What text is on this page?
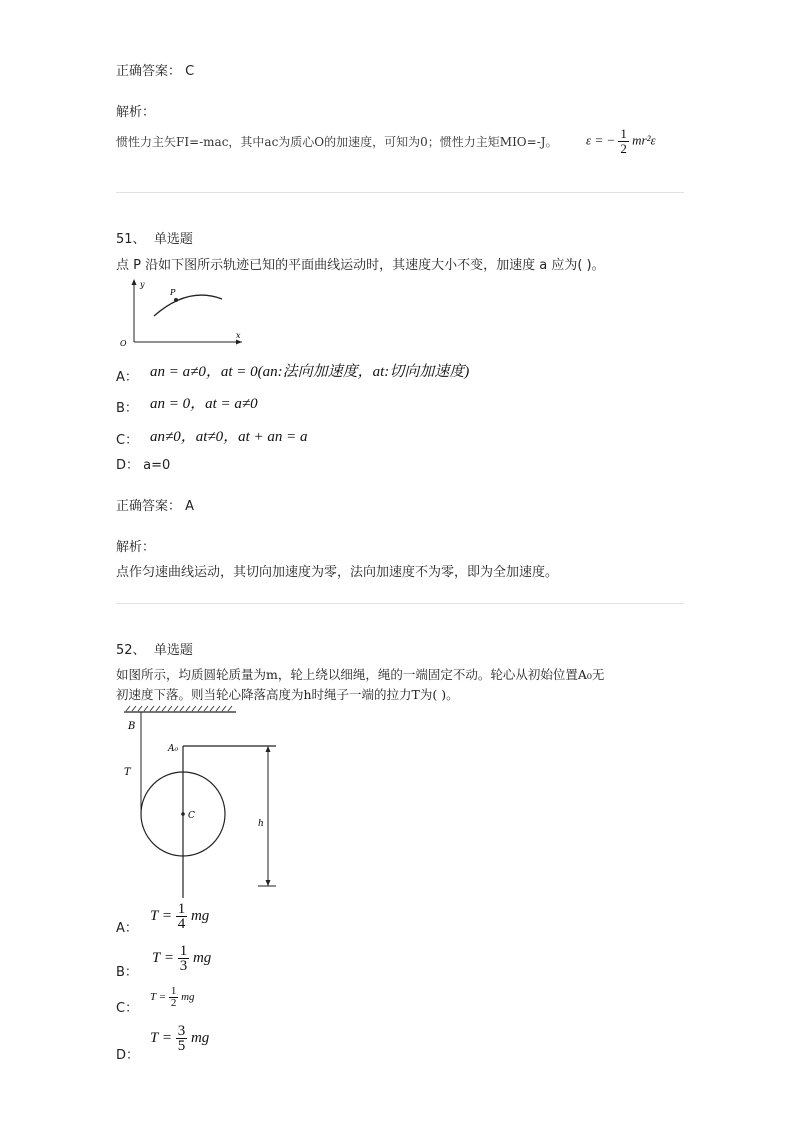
正确答案： C
解析：
惯性力主矢FI=-mac，其中ac为质心O的加速度，可知为0；惯性力主矩MIO=-J。 ε = − $\frac{1}{2} mr^2\varepsilon$
51、 单选题
点 P 沿如下图所示轨迹已知的平面曲线运动时，其速度大小不变，加速度 a 应为( )。
y
x
O
P
A： an = a≠0，at = 0(an:法向加速度，at:切向加速度)
B： an = 0，at = a≠0
C： an≠0，at≠0，at + an = a
D： a=0
正确答案： A
解析：
点作匀速曲线运动，其切向加速度为零，法向加速度不为零，即为全加速度。
52、 单选题
如图所示，均质圆轮质量为m，轮上绕以细绳，绳的一端固定不动。轮心从初始位置A₀无
初速度下落。则当轮心降落高度为h时绳子一端的拉力T为( )。
B
T
A₀
C
h
A：
$T = \frac{1}{4}$ mg
B：
$T = \frac{1}{3}$ mg
C：
$T = \frac{1}{2}$ mg
D：
$T = \frac{3}{5}$ mg
